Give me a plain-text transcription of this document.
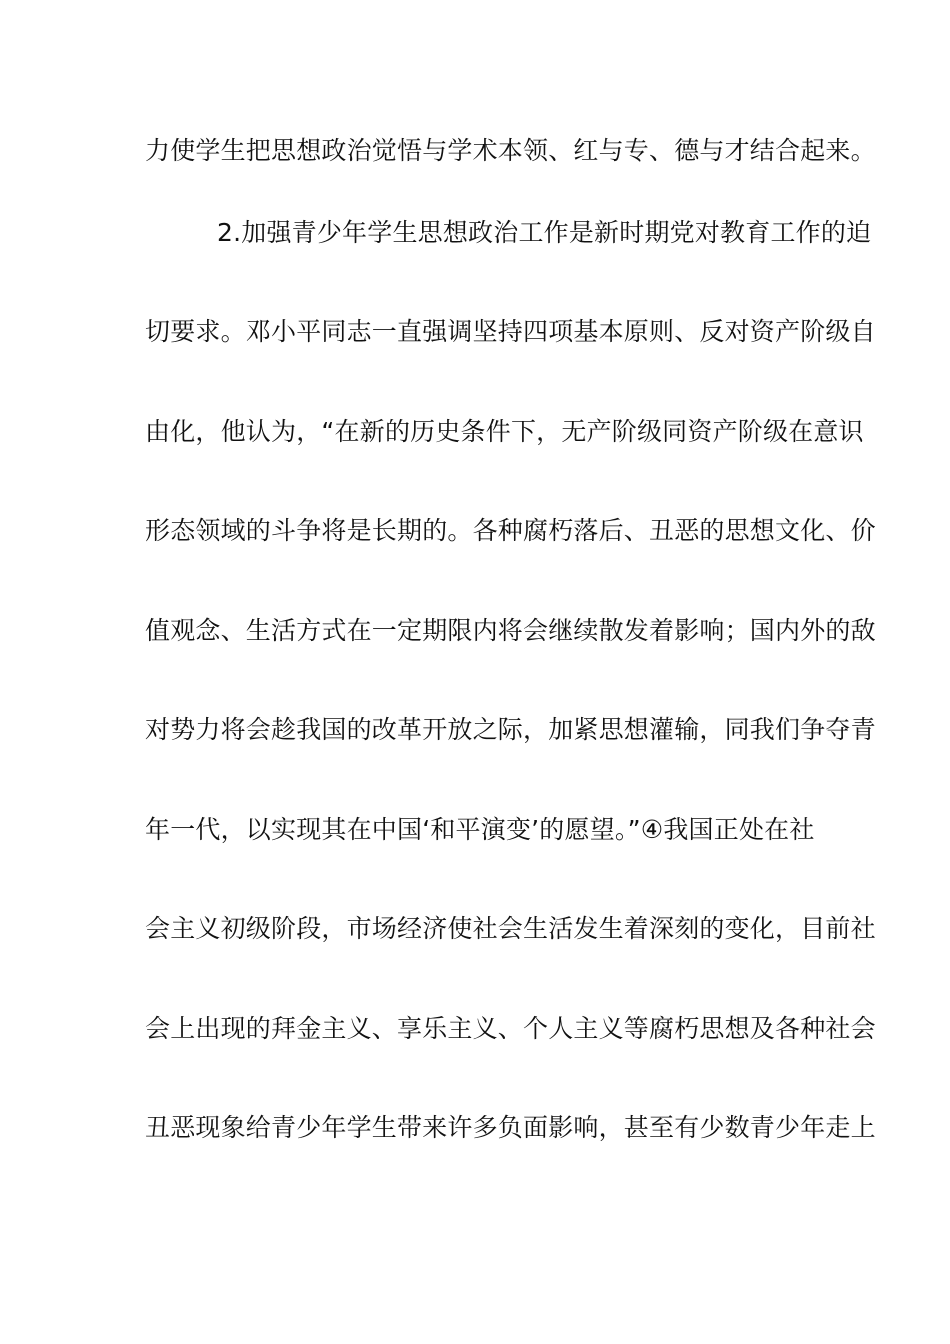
力使学生把思想政治觉悟与学术本领、红与专、德与才结合起来。
2.加强青少年学生思想政治工作是新时期党对教育工作的迫
切要求。邓小平同志一直强调坚持四项基本原则、反对资产阶级自
由化，他认为，“在新的历史条件下，无产阶级同资产阶级在意识
形态领域的斗争将是长期的。各种腐朽落后、丑恶的思想文化、价
值观念、生活方式在一定期限内将会继续散发着影响；国内外的敌
对势力将会趁我国的改革开放之际，加紧思想灌输，同我们争夺青
年一代，以实现其在中国‘和平演变’的愿望。”④我国正处在社
会主义初级阶段，市场经济使社会生活发生着深刻的变化，目前社
会上出现的拜金主义、享乐主义、个人主义等腐朽思想及各种社会
丑恶现象给青少年学生带来许多负面影响，甚至有少数青少年走上
